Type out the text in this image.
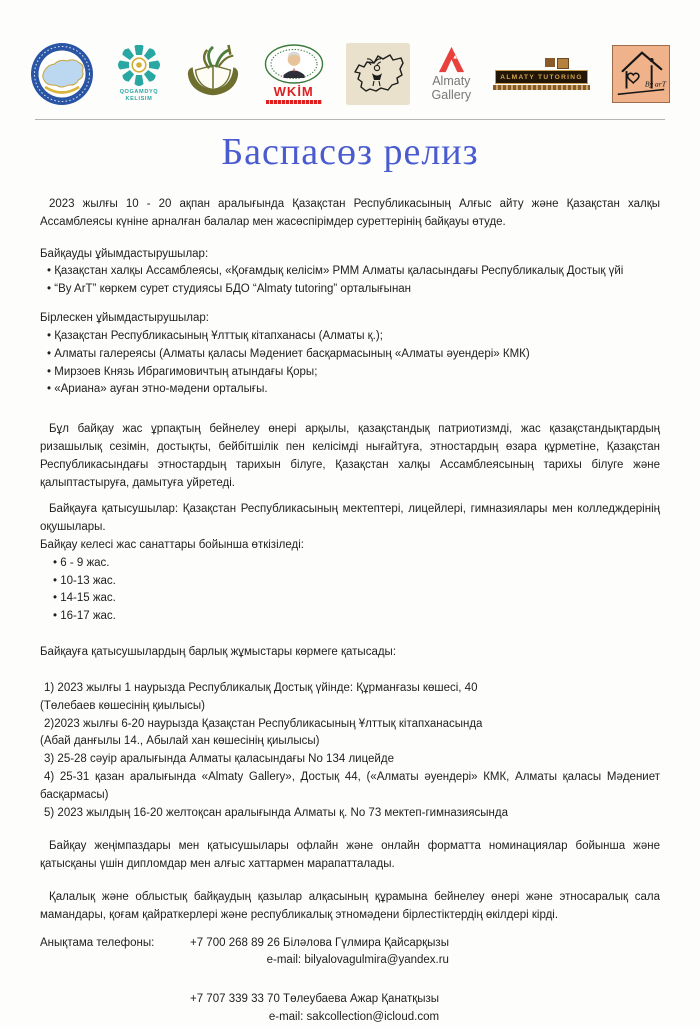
QOGAMDYQ
KELISIM	WKİM
Almaty
Gallery
ALMATY TUTORING
By arT
Баспасөз релиз

2023 жылғы 10 - 20 ақпан аралығында Қазақстан Республикасының Алғыс айту және Қазақстан халқы Ассамблеясы күніне арналған балалар мен жасөспірімдер суреттерінің байқауы өтуде.

Байқауды ұйымдастырушылар:
• Қазақстан халқы Ассамблеясы, «Қоғамдық келісім» РММ Алматы қаласындағы Республикалық Достық үйі
• “By ArT” көркем сурет студиясы БДО “Almaty tutoring” орталығынан
Бірлескен ұйымдастырушылар:
• Қазақстан Республикасының Ұлттық кітапханасы (Алматы қ.);
• Алматы галереясы (Алматы қаласы Мәдениет басқармасының «Алматы әуендері» КМК)
• Мирзоев Князь Ибрагимовичтың атындағы Қоры;
• «Ариана» ауған этно-мәдени орталығы.

Бұл байқау жас ұрпақтың бейнелеу өнері арқылы, қазақстандық патриотизмді, жас қазақстандықтардың ризашылық сезімін, достықты, бейбітшілік пен келісімді нығайтуға, этностардың өзара құрметіне, Қазақстан Республикасындағы этностардың тарихын білуге, Қазақстан халқы Ассамблеясының тарихы білуге және қалыптастыруға, дамытуға уйретеді.

Байқауға қатысушылар: Қазақстан Республикасының мектептері, лицейлері, гимназиялары мен колледждерінің оқушылары.

Байқау келесі жас санаттары бойынша өткізіледі:
• 6 - 9 жас.
• 10-13 жас.
• 14-15 жас.
• 16-17 жас.
Байқауға қатысушылардың барлық жұмыстары көрмеге қатысады:
1) 2023 жылғы 1 наурызда Республикалық Достық үйінде: Құрманғазы көшесі, 40
(Төлебаев көшесінің қиылысы)
2)2023 жылғы 6-20 наурызда Қазақстан Республикасының Ұлттық кітапханасында
(Абай данғылы 14., Абылай хан көшесінің қиылысы)
3) 25-28 сәуір аралығында Алматы қаласындағы No 134 лицейде
4) 25-31 қазан аралығында «Almaty Gallery», Достық 44, («Алматы әуендері» КМК, Алматы қаласы Мәдениет басқармасы)
5) 2023 жылдың 16-20 желтоқсан аралығында Алматы қ. No 73 мектеп-гимназиясында

Байқау жеңімпаздары мен қатысушылары офлайн және онлайн форматта номинациялар бойынша және қатысқаны үшін дипломдар мен алғыс хаттармен марапатталады.

Қалалық және облыстық байқаудың қазылар алқасының құрамына бейнелеу өнері және этносаралық сала мамандары, қоғам қайраткерлері және республикалық этномәдени бірлестіктердің өкілдері кірді.

Анықтама телефоны:	+7 700 268 89 26 Біләлова Гүлмира Қайсарқызы
e-mail: bilyalovagulmira@yandex.ru
+7 707 339 33 70 Төлеубаева Ажар Қанатқызы
e-mail: sakcollection@icloud.com
